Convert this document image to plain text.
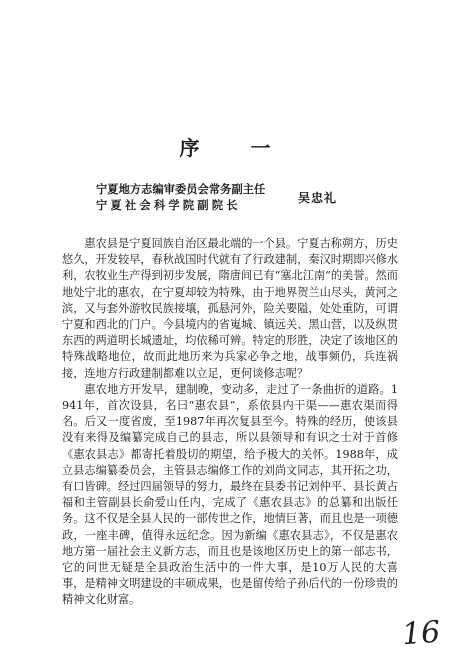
序 一
宁夏地方志编审委员会常务副主任
宁夏社会科学院副院长	吴忠礼

惠农县是宁夏回族自治区最北端的一个县。宁夏古称朔方，历史悠久，开发较早，春秋战国时代就有了行政建制，秦汉时期即兴修水利，农牧业生产得到初步发展，隋唐间已有“塞北江南”的美誉。然而地处宁北的惠农，在宁夏却较为特殊，由于地界贺兰山尽头，黄河之滨，又与套外游牧民族接壤，孤悬河外，险关要隘，处处重防，可谓宁夏和西北的门户。今县境内的省嵬城、镇远关、黑山营，以及纵贯东西的两道明长城遗址，均依稀可辨。特定的形胜，决定了该地区的特殊战略地位，故而此地历来为兵家必争之地，战事频仍，兵连祸接，连地方行政建制都难以立足，更何谈修志呢？

惠农地方开发早，建制晚，变动多，走过了一条曲折的道路。1941年，首次设县，名曰“惠农县”，系依县内干渠——惠农渠而得名。后又一度省废，至1987年再次复县至今。特殊的经历，使该县没有来得及编纂完成自己的县志，所以县领导和有识之士对于首修《惠农县志》都寄托着殷切的期望，给予极大的关怀。1988年，成立县志编纂委员会，主管县志编修工作的刘尚文同志，其开拓之功，有口皆碑。经过四届领导的努力，最终在县委书记刘仲平、县长黄占福和主管副县长俞爱山任内，完成了《惠农县志》的总纂和出版任务。这不仅是全县人民的一部传世之作，地情巨著，而且也是一项德政，一座丰碑，值得永远纪念。因为新编《惠农县志》，不仅是惠农地方第一届社会主义新方志，而且也是该地区历史上的第一部志书，它的问世无疑是全县政治生活中的一件大事，是10万人民的大喜事，是精神文明建设的丰硕成果，也是留传给子孙后代的一份珍贵的精神文化财富。

16
